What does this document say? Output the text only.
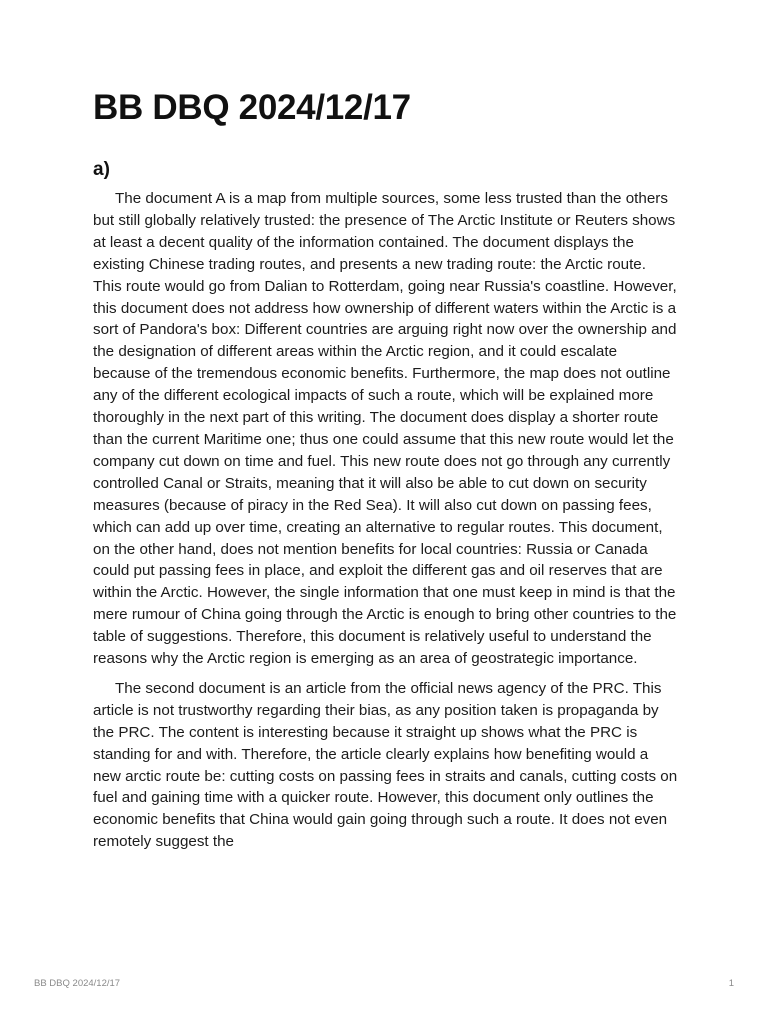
BB DBQ 2024/12/17
a)

The document A is a map from multiple sources, some less trusted than the others but still globally relatively trusted: the presence of The Arctic Institute or Reuters shows at least a decent quality of the information contained. The document displays the existing Chinese trading routes, and presents a new trading route: the Arctic route. This route would go from Dalian to Rotterdam, going near Russia's coastline. However, this document does not address how ownership of different waters within the Arctic is a sort of Pandora's box: Different countries are arguing right now over the ownership and the designation of different areas within the Arctic region, and it could escalate because of the tremendous economic benefits. Furthermore, the map does not outline any of the different ecological impacts of such a route, which will be explained more thoroughly in the next part of this writing. The document does display a shorter route than the current Maritime one; thus one could assume that this new route would let the company cut down on time and fuel. This new route does not go through any currently controlled Canal or Straits, meaning that it will also be able to cut down on security measures (because of piracy in the Red Sea). It will also cut down on passing fees, which can add up over time, creating an alternative to regular routes. This document, on the other hand, does not mention benefits for local countries: Russia or Canada could put passing fees in place, and exploit the different gas and oil reserves that are within the Arctic. However, the single information that one must keep in mind is that the mere rumour of China going through the Arctic is enough to bring other countries to the table of suggestions. Therefore, this document is relatively useful to understand the reasons why the Arctic region is emerging as an area of geostrategic importance.

The second document is an article from the official news agency of the PRC. This article is not trustworthy regarding their bias, as any position taken is propaganda by the PRC. The content is interesting because it straight up shows what the PRC is standing for and with. Therefore, the article clearly explains how benefiting would a new arctic route be: cutting costs on passing fees in straits and canals, cutting costs on fuel and gaining time with a quicker route. However, this document only outlines the economic benefits that China would gain going through such a route. It does not even remotely suggest the

BB DBQ 2024/12/17	1
